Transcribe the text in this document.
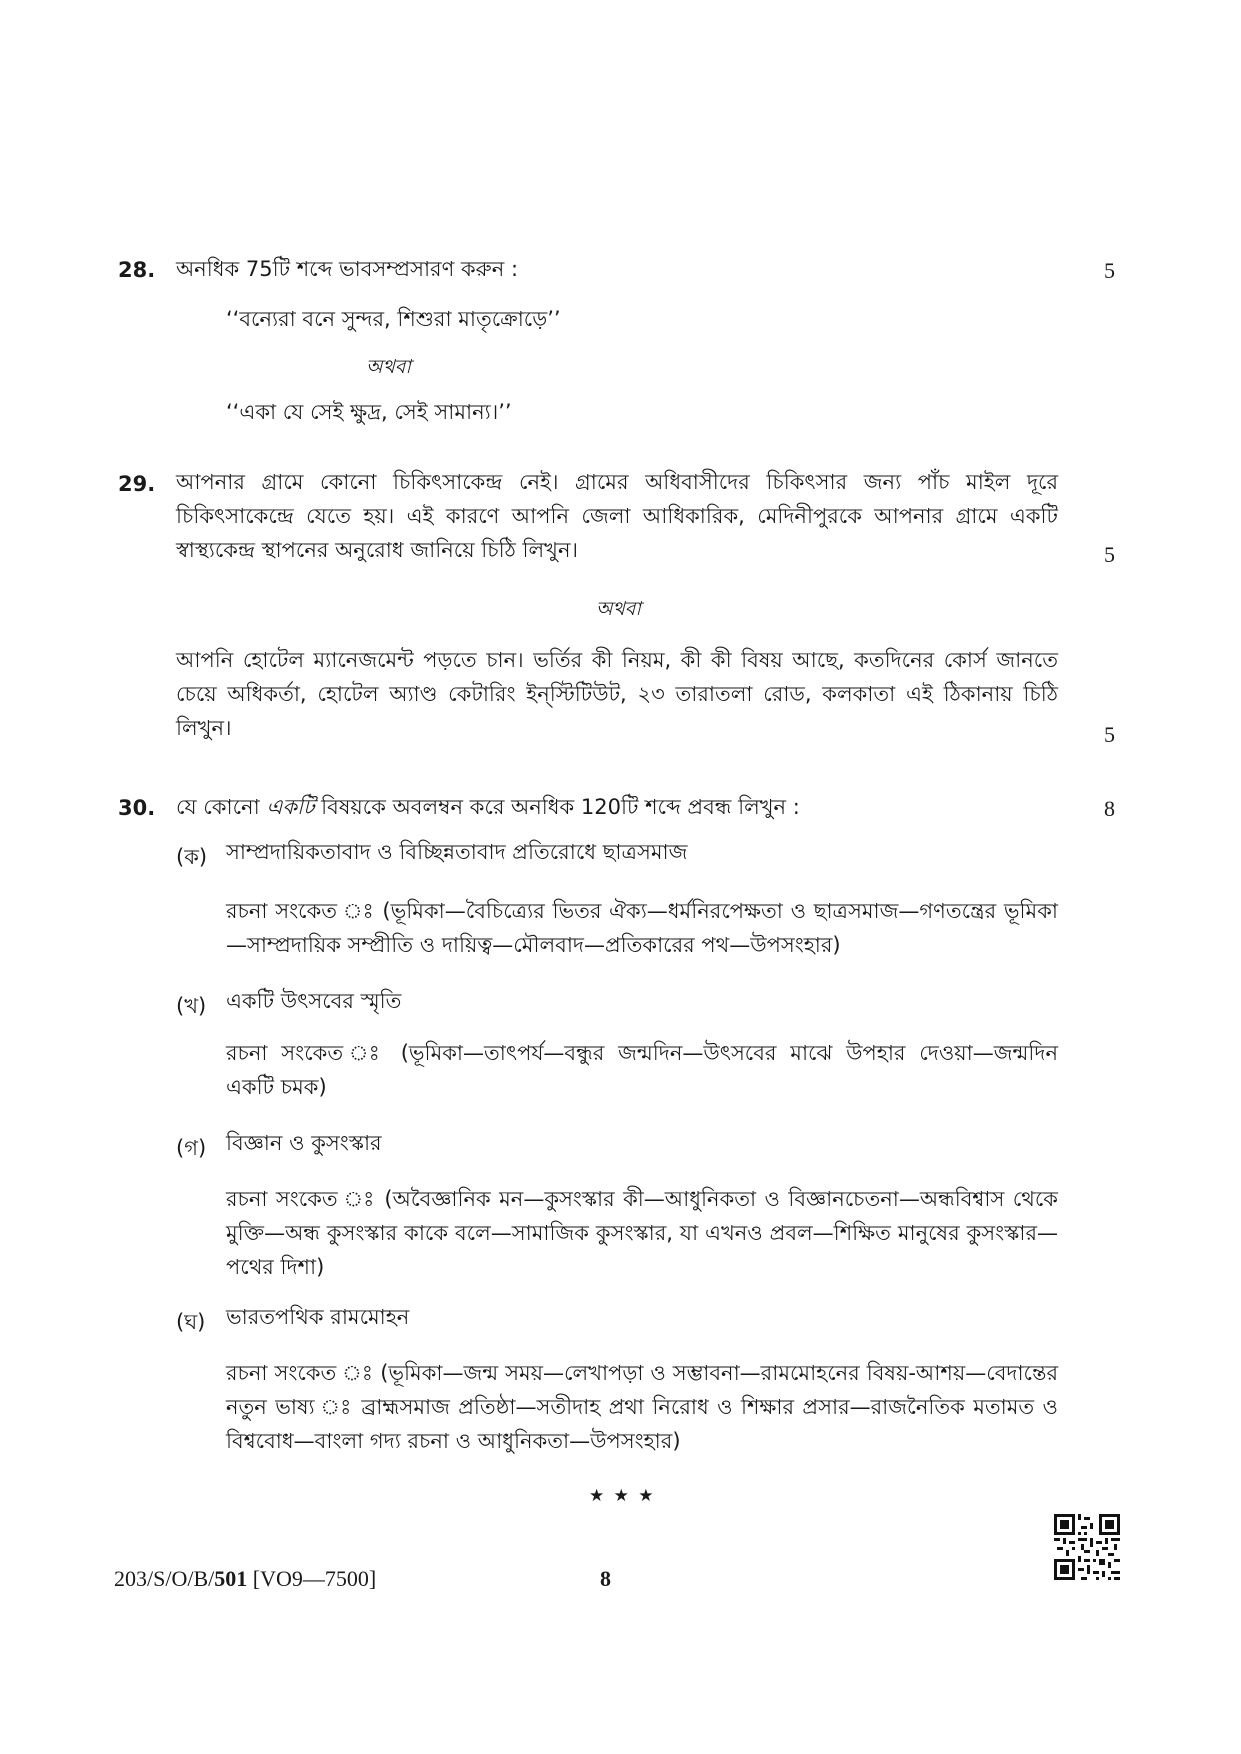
28. অনধিক 75টি শব্দে ভাবসম্প্রসারণ করুন :	5
‘‘বন্যেরা বনে সুন্দর, শিশুরা মাতৃক্রোড়ে’’
অথবা
‘‘একা যে সেই ক্ষুদ্র, সেই সামান্য।’’
29. আপনার গ্রামে কোনো চিকিৎসাকেন্দ্র নেই। গ্রামের অধিবাসীদের চিকিৎসার জন্য পাঁচ মাইল দূরে চিকিৎসাকেন্দ্রে যেতে হয়। এই কারণে আপনি জেলা আধিকারিক, মেদিনীপুরকে আপনার গ্রামে একটি স্বাস্থ্যকেন্দ্র স্থাপনের অনুরোধ জানিয়ে চিঠি লিখুন।	5
অথবা
আপনি হোটেল ম্যানেজমেন্ট পড়তে চান। ভর্তির কী নিয়ম, কী কী বিষয় আছে, কতদিনের কোর্স জানতে চেয়ে অধিকর্তা, হোটেল অ্যাণ্ড কেটারিং ইন্‌স্টিটিউট, ২৩ তারাতলা রোড, কলকাতা এই ঠিকানায় চিঠি লিখুন।	5
30. যে কোনো একটি বিষয়কে অবলম্বন করে অনধিক 120টি শব্দে প্রবন্ধ লিখুন :	8
(ক) সাম্প্রদায়িকতাবাদ ও বিচ্ছিন্নতাবাদ প্রতিরোধে ছাত্রসমাজ
রচনা সংকেত ঃ (ভূমিকা—বৈচিত্র্যের ভিতর ঐক্য—ধর্মনিরপেক্ষতা ও ছাত্রসমাজ—গণতন্ত্রের ভূমিকা—সাম্প্রদায়িক সম্প্রীতি ও দায়িত্ব—মৌলবাদ—প্রতিকারের পথ—উপসংহার)
(খ) একটি উৎসবের স্মৃতি
রচনা সংকেত ঃ (ভূমিকা—তাৎপর্য—বন্ধুর জন্মদিন—উৎসবের মাঝে উপহার দেওয়া—জন্মদিন একটি চমক)
(গ) বিজ্ঞান ও কুসংস্কার
রচনা সংকেত ঃ (অবৈজ্ঞানিক মন—কুসংস্কার কী—আধুনিকতা ও বিজ্ঞানচেতনা—অন্ধবিশ্বাস থেকে মুক্তি—অন্ধ কুসংস্কার কাকে বলে—সামাজিক কুসংস্কার, যা এখনও প্রবল—শিক্ষিত মানুষের কুসংস্কার—পথের দিশা)
(ঘ) ভারতপথিক রামমোহন
রচনা সংকেত ঃ (ভূমিকা—জন্ম সময়—লেখাপড়া ও সম্ভাবনা—রামমোহনের বিষয়-আশয়—বেদান্তের নতুন ভাষ্য ঃ ব্রাহ্মসমাজ প্রতিষ্ঠা—সতীদাহ প্রথা নিরোধ ও শিক্ষার প্রসার—রাজনৈতিক মতামত ও বিশ্ববোধ—বাংলা গদ্য রচনা ও আধুনিকতা—উপসংহার)
★ ★ ★
203/S/O/B/501 [VO9—7500]	8
